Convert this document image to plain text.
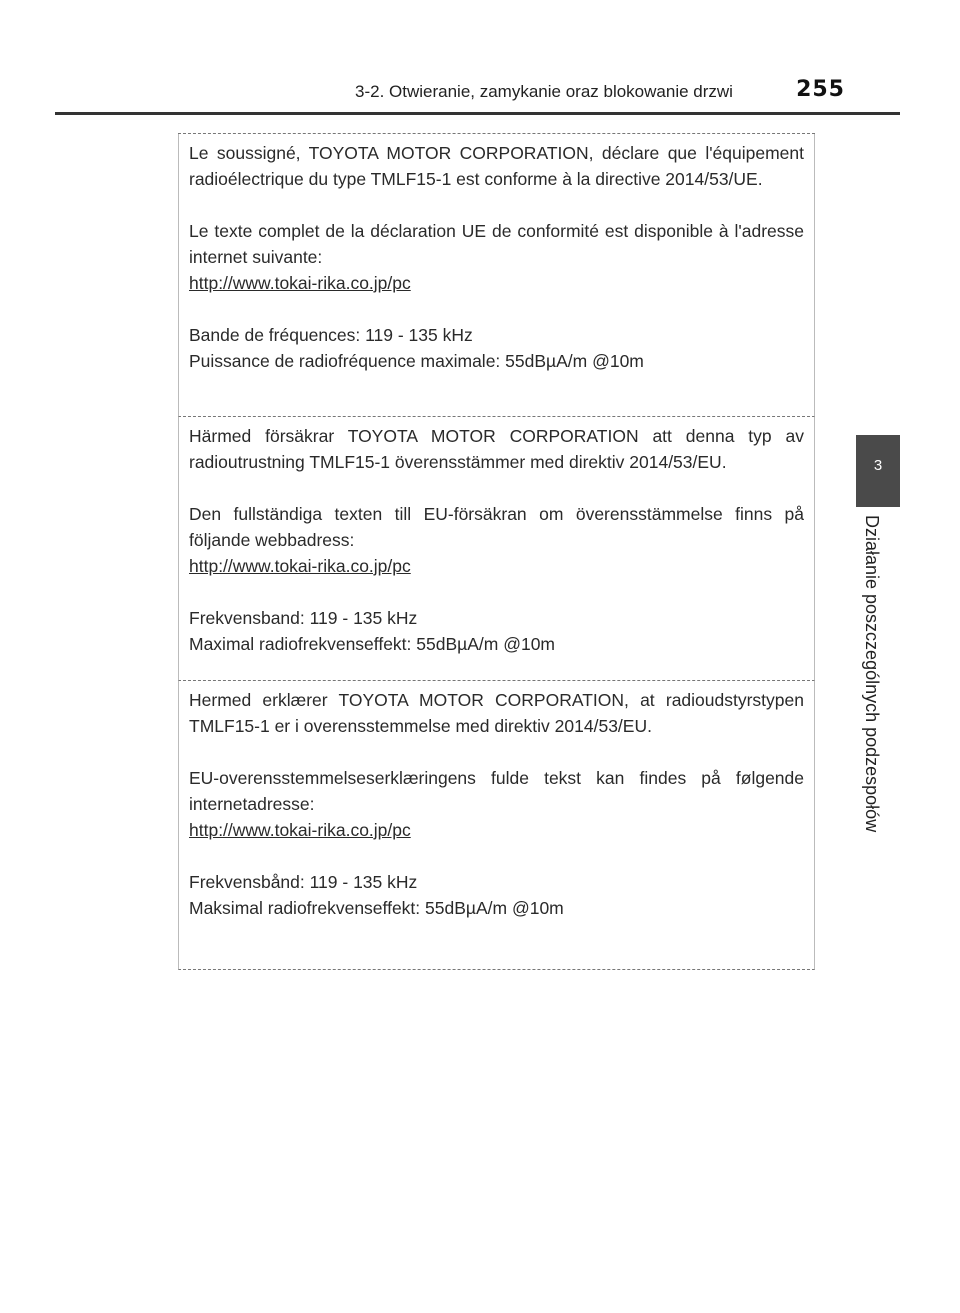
3-2. Otwieranie, zamykanie oraz blokowanie drzwi	255
3
Działanie poszczególnych podzespołów

Le soussigné, TOYOTA MOTOR CORPORATION, déclare que l'équipement radioélectrique du type TMLF15-1 est conforme à la directive 2014/53/UE.

Le texte complet de la déclaration UE de conformité est disponible à l'adresse internet suivante:

http://www.tokai-rika.co.jp/pc

Bande de fréquences: 119 - 135 kHz

Puissance de radiofréquence maximale: 55dBµA/m @10m

Härmed försäkrar TOYOTA MOTOR CORPORATION att denna typ av radioutrustning TMLF15-1 överensstämmer med direktiv 2014/53/EU.

Den fullständiga texten till EU-försäkran om överensstämmelse finns på följande webbadress:

http://www.tokai-rika.co.jp/pc

Frekvensband: 119 - 135 kHz

Maximal radiofrekvenseffekt: 55dBµA/m @10m

Hermed erklærer TOYOTA MOTOR CORPORATION, at radioudstyrstypen TMLF15-1 er i overensstemmelse med direktiv 2014/53/EU.

EU-overensstemmelseserklæringens fulde tekst kan findes på følgende internetadresse:

http://www.tokai-rika.co.jp/pc

Frekvensbånd: 119 - 135 kHz

Maksimal radiofrekvenseffekt: 55dBµA/m @10m
